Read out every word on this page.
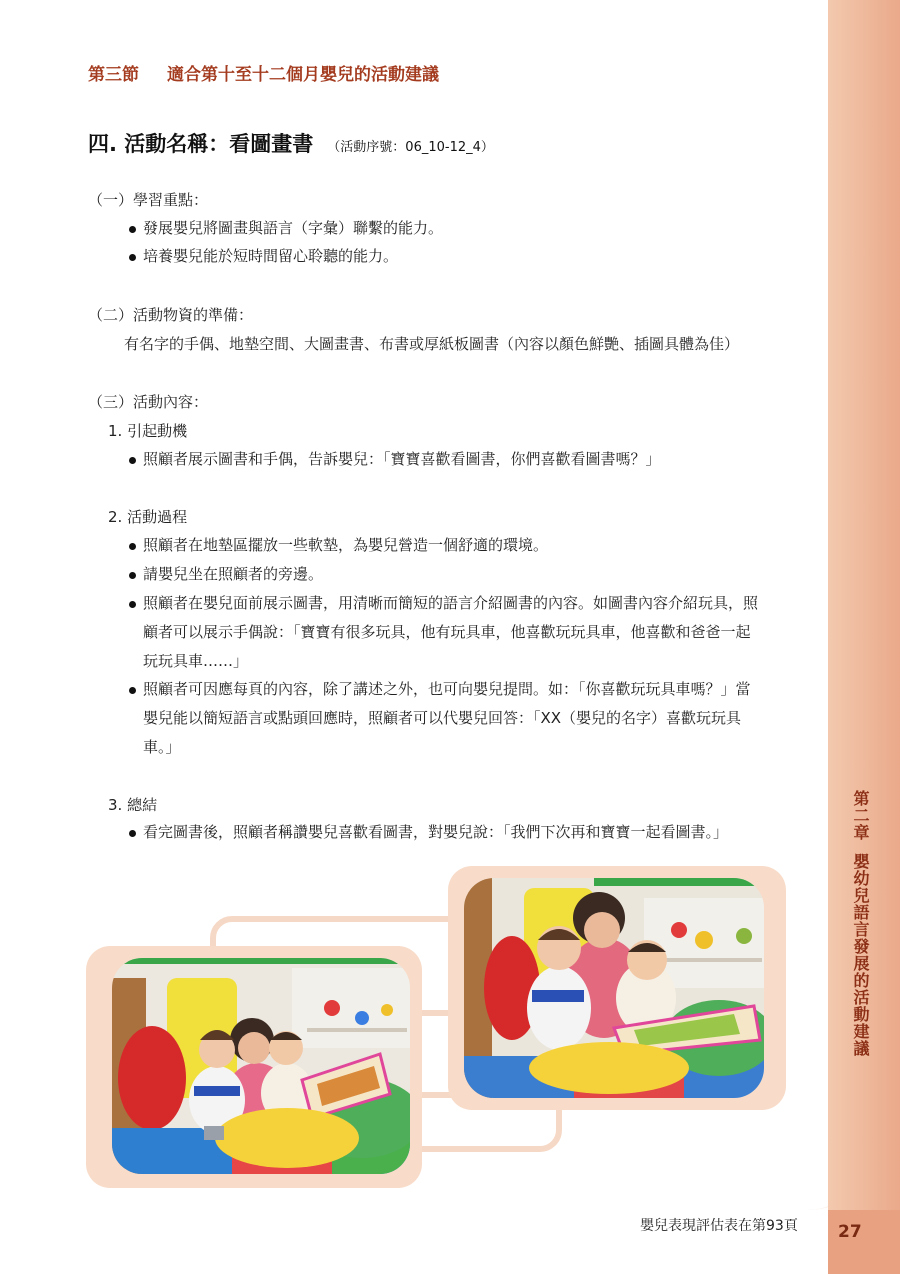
第二章嬰幼兒語言發展的活動建議
第三節 適合第十至十二個月嬰兒的活動建議
四. 活動名稱：看圖畫書 （活動序號：06_10-12_4）
（一）學習重點：
發展嬰兒將圖畫與語言（字彙）聯繫的能力。
培養嬰兒能於短時間留心聆聽的能力。
（二）活動物資的準備：
有名字的手偶、地墊空間、大圖畫書、布書或厚紙板圖書（內容以顏色鮮艷、插圖具體為佳）
（三）活動內容：
1. 引起動機
照顧者展示圖書和手偶，告訴嬰兒：「寶寶喜歡看圖書，你們喜歡看圖書嗎？」
2. 活動過程
照顧者在地墊區擺放一些軟墊，為嬰兒營造一個舒適的環境。
請嬰兒坐在照顧者的旁邊。
照顧者在嬰兒面前展示圖書，用清晰而簡短的語言介紹圖書的內容。如圖書內容介紹玩具，照
顧者可以展示手偶說：「寶寶有很多玩具，他有玩具車，他喜歡玩玩具車，他喜歡和爸爸一起
玩玩具車……」
照顧者可因應每頁的內容，除了講述之外，也可向嬰兒提問。如：「你喜歡玩玩具車嗎？」當
嬰兒能以簡短語言或點頭回應時，照顧者可以代嬰兒回答：「XX（嬰兒的名字）喜歡玩玩具
車。」
3. 總結
看完圖書後，照顧者稱讚嬰兒喜歡看圖書，對嬰兒說：「我們下次再和寶寶一起看圖書。」
嬰兒表現評估表在第93頁 27
